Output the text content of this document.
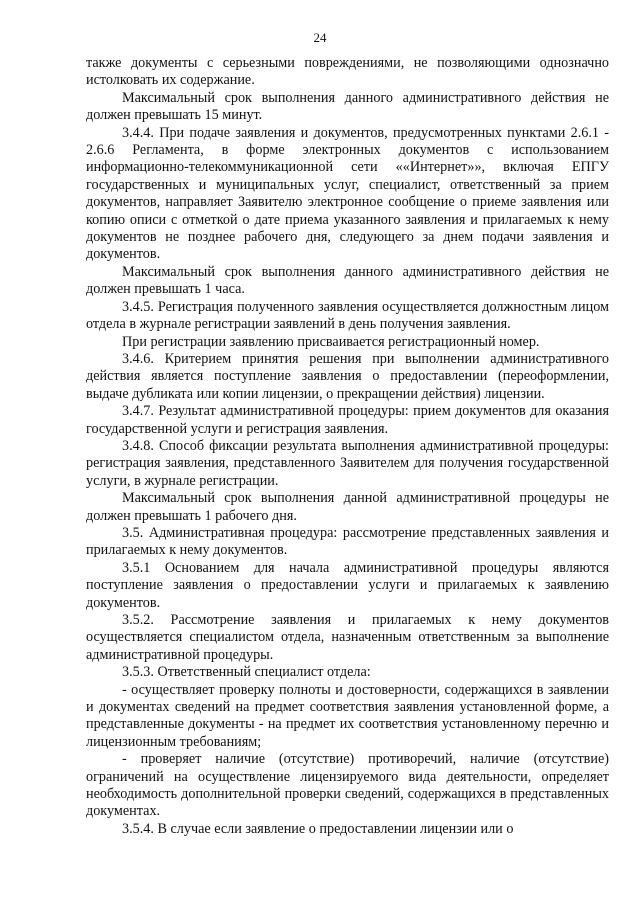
24

также документы с серьезными повреждениями, не позволяющими однозначно истолковать их содержание.

Максимальный срок выполнения данного административного действия не должен превышать 15 минут.

3.4.4. При подаче заявления и документов, предусмотренных пунктами 2.6.1 - 2.6.6 Регламента, в форме электронных документов с использованием информационно-телекоммуникационной сети ««Интернет»», включая ЕПГУ государственных и муниципальных услуг, специалист, ответственный за прием документов, направляет Заявителю электронное сообщение о приеме заявления или копию описи с отметкой о дате приема указанного заявления и прилагаемых к нему документов не позднее рабочего дня, следующего за днем подачи заявления и документов.

Максимальный срок выполнения данного административного действия не должен превышать 1 часа.

3.4.5. Регистрация полученного заявления осуществляется должностным лицом отдела в журнале регистрации заявлений в день получения заявления.

При регистрации заявлению присваивается регистрационный номер.

3.4.6. Критерием принятия решения при выполнении административного действия является поступление заявления о предоставлении (переоформлении, выдаче дубликата или копии лицензии, о прекращении действия) лицензии.

3.4.7. Результат административной процедуры: прием документов для оказания государственной услуги и регистрация заявления.

3.4.8. Способ фиксации результата выполнения административной процедуры: регистрация заявления, представленного Заявителем для получения государственной услуги, в журнале регистрации.

Максимальный срок выполнения данной административной процедуры не должен превышать 1 рабочего дня.

3.5. Административная процедура: рассмотрение представленных заявления и прилагаемых к нему документов.

3.5.1 Основанием для начала административной процедуры являются поступление заявления о предоставлении услуги и прилагаемых к заявлению документов.

3.5.2. Рассмотрение заявления и прилагаемых к нему документов осуществляется специалистом отдела, назначенным ответственным за выполнение административной процедуры.

3.5.3. Ответственный специалист отдела:

- осуществляет проверку полноты и достоверности, содержащихся в заявлении и документах сведений на предмет соответствия заявления установленной форме, а представленные документы - на предмет их соответствия установленному перечню и лицензионным требованиям;

- проверяет наличие (отсутствие) противоречий, наличие (отсутствие) ограничений на осуществление лицензируемого вида деятельности, определяет необходимость дополнительной проверки сведений, содержащихся в представленных документах.

3.5.4. В случае если заявление о предоставлении лицензии или о
